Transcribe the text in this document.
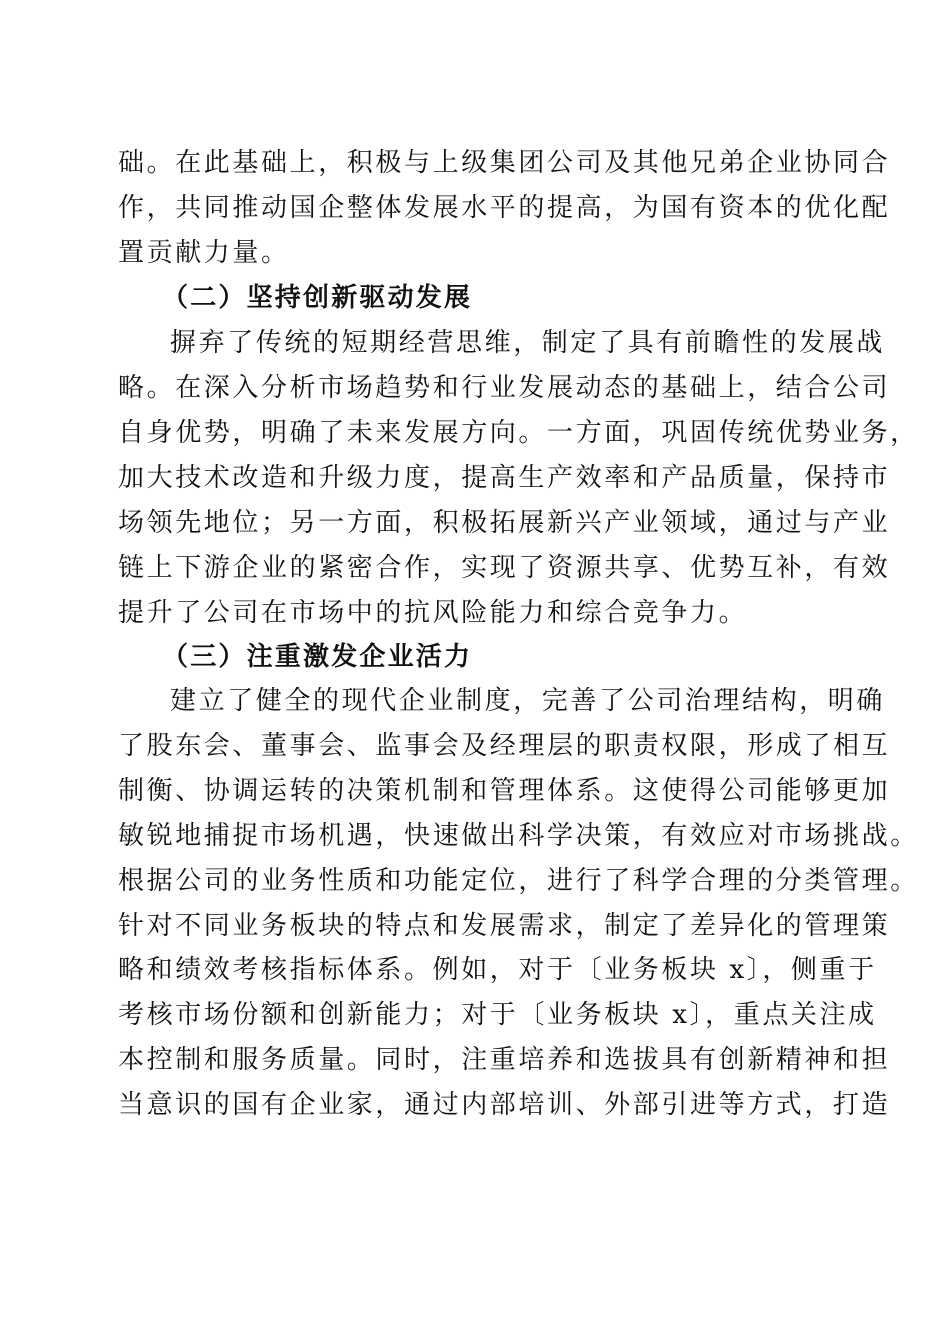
础。在此基础上，积极与上级集团公司及其他兄弟企业协同合
作，共同推动国企整体发展水平的提高，为国有资本的优化配
置贡献力量。
（二）坚持创新驱动发展
摒弃了传统的短期经营思维，制定了具有前瞻性的发展战
略。在深入分析市场趋势和行业发展动态的基础上，结合公司
自身优势，明确了未来发展方向。一方面，巩固传统优势业务，
加大技术改造和升级力度，提高生产效率和产品质量，保持市
场领先地位；另一方面，积极拓展新兴产业领域，通过与产业
链上下游企业的紧密合作，实现了资源共享、优势互补，有效
提升了公司在市场中的抗风险能力和综合竞争力。
（三）注重激发企业活力
建立了健全的现代企业制度，完善了公司治理结构，明确
了股东会、董事会、监事会及经理层的职责权限，形成了相互
制衡、协调运转的决策机制和管理体系。这使得公司能够更加
敏锐地捕捉市场机遇，快速做出科学决策，有效应对市场挑战。
根据公司的业务性质和功能定位，进行了科学合理的分类管理。
针对不同业务板块的特点和发展需求，制定了差异化的管理策
略和绩效考核指标体系。例如，对于〔业务板块 x〕，侧重于
考核市场份额和创新能力；对于〔业务板块 x〕，重点关注成
本控制和服务质量。同时，注重培养和选拔具有创新精神和担
当意识的国有企业家，通过内部培训、外部引进等方式，打造
